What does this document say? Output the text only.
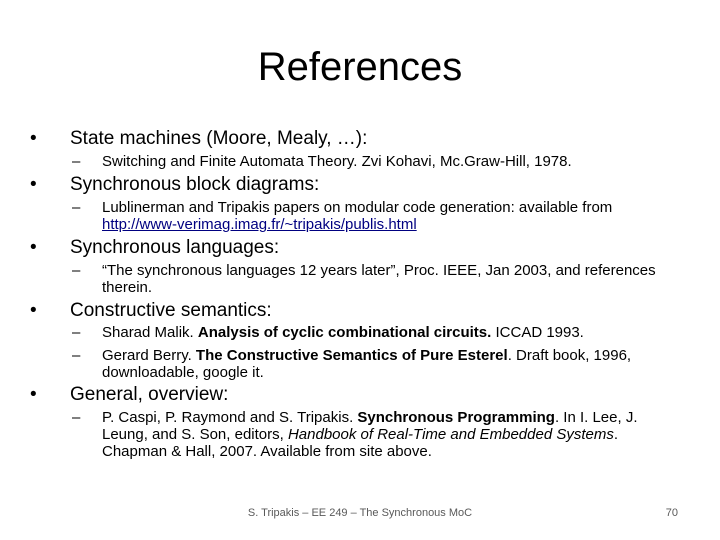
References
• State machines (Moore, Mealy, …):
–	Switching and Finite Automata Theory. Zvi Kohavi, Mc.Graw-Hill, 1978.
• Synchronous block diagrams:
–	Lublinerman and Tripakis papers on modular code generation: available from http://www-verimag.imag.fr/~tripakis/publis.html
• Synchronous languages:
–	“The synchronous languages 12 years later”, Proc. IEEE, Jan 2003, and references therein.
• Constructive semantics:
–	Sharad Malik. Analysis of cyclic combinational circuits. ICCAD 1993.
–	Gerard Berry. The Constructive Semantics of Pure Esterel. Draft book, 1996, downloadable, google it.
• General, overview:
–	P. Caspi, P. Raymond and S. Tripakis. Synchronous Programming. In I. Lee, J. Leung, and S. Son, editors, Handbook of Real-Time and Embedded Systems. Chapman & Hall, 2007. Available from site above.
S. Tripakis – EE 249 – The Synchronous MoC	70
